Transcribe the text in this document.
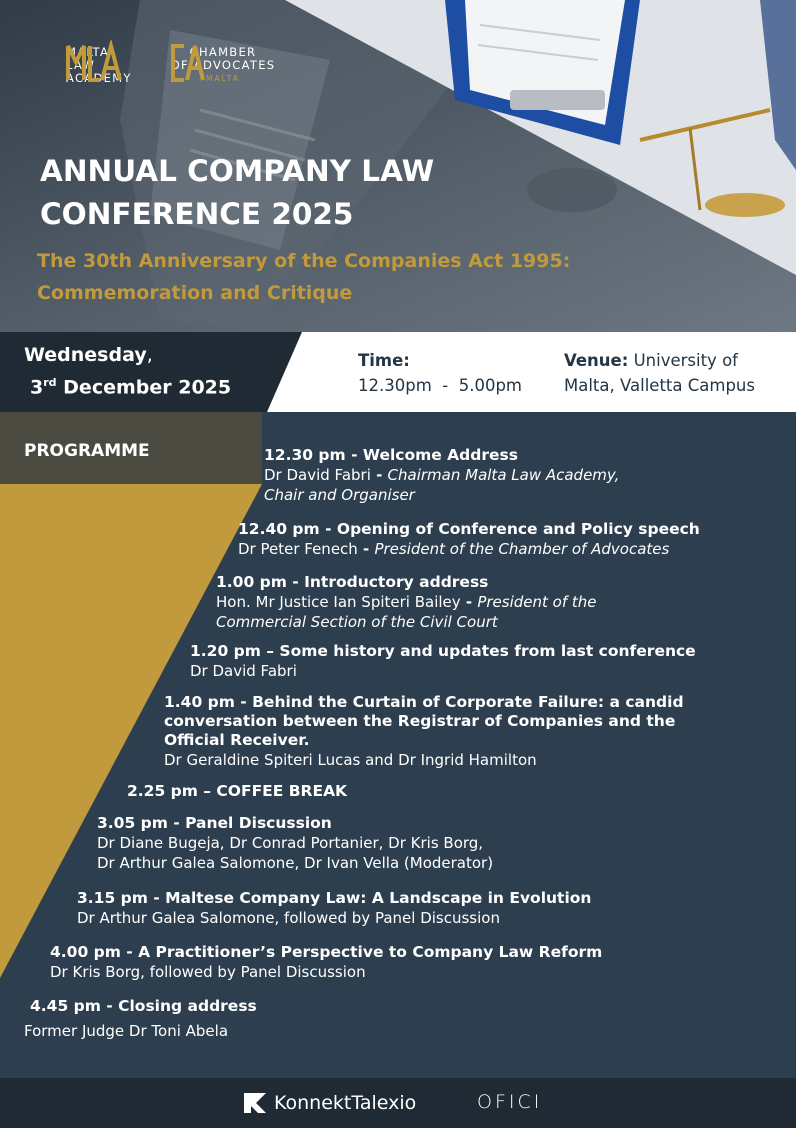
MALTA
LAW
ACADEMY
CHAMBER
OF ADVOCATES
MALTA
ANNUAL COMPANY LAW
CONFERENCE 2025
The 30th Anniversary of the Companies Act 1995:
Commemoration and Critique
Wednesday,
3rd December 2025
Time:
12.30pm  -  5.00pm
Venue: University of
Malta, Valletta Campus
PROGRAMME	12.30 pm - Welcome Address
Dr David Fabri - Chairman Malta Law Academy,
Chair and Organiser
12.40 pm - Opening of Conference and Policy speech
Dr Peter Fenech - President of the Chamber of Advocates
1.00 pm - Introductory address
Hon. Mr Justice Ian Spiteri Bailey - President of the
Commercial Section of the Civil Court
1.20 pm – Some history and updates from last conference
Dr David Fabri
1.40 pm - Behind the Curtain of Corporate Failure: a candid
conversation between the Registrar of Companies and the
Official Receiver.
Dr Geraldine Spiteri Lucas and Dr Ingrid Hamilton
2.25 pm – COFFEE BREAK
3.05 pm - Panel Discussion
Dr Diane Bugeja, Dr Conrad Portanier, Dr Kris Borg,
Dr Arthur Galea Salomone, Dr Ivan Vella (Moderator)
3.15 pm - Maltese Company Law: A Landscape in Evolution
Dr Arthur Galea Salomone, followed by Panel Discussion
4.00 pm - A Practitioner’s Perspective to Company Law Reform
Dr Kris Borg, followed by Panel Discussion
4.45 pm - Closing address
Former Judge Dr Toni Abela
KonnektTalexio	OFICI
